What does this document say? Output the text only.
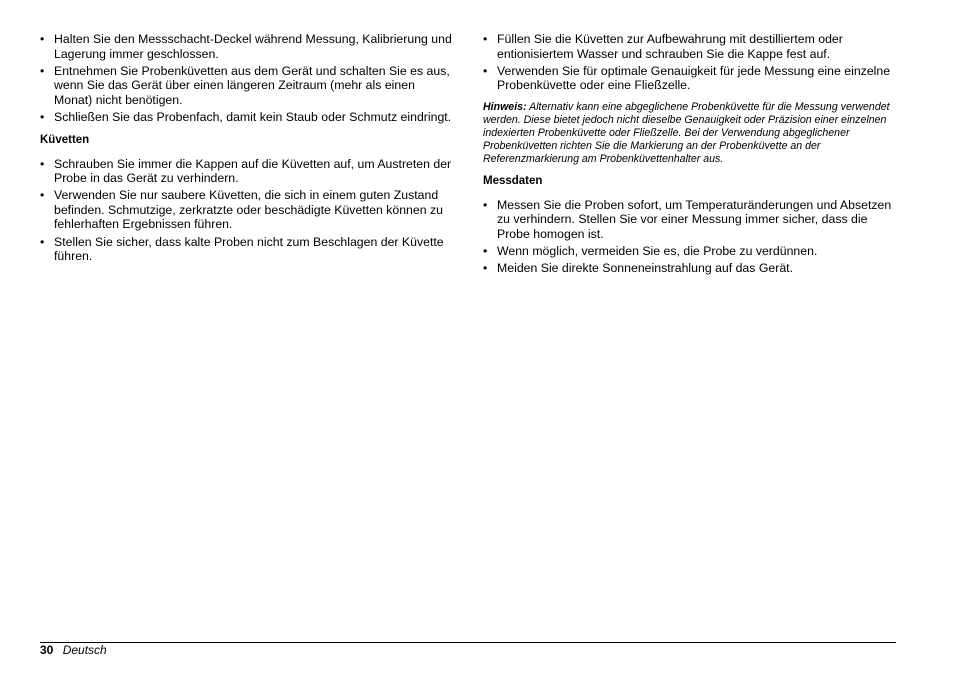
• Halten Sie den Messschacht-Deckel während Messung, Kalibrierung und Lagerung immer geschlossen.
• Entnehmen Sie Probenküvetten aus dem Gerät und schalten Sie es aus, wenn Sie das Gerät über einen längeren Zeitraum (mehr als einen Monat) nicht benötigen.
• Schließen Sie das Probenfach, damit kein Staub oder Schmutz eindringt.
Küvetten
• Schrauben Sie immer die Kappen auf die Küvetten auf, um Austreten der Probe in das Gerät zu verhindern.
• Verwenden Sie nur saubere Küvetten, die sich in einem guten Zustand befinden. Schmutzige, zerkratzte oder beschädigte Küvetten können zu fehlerhaften Ergebnissen führen.
• Stellen Sie sicher, dass kalte Proben nicht zum Beschlagen der Küvette führen.
• Füllen Sie die Küvetten zur Aufbewahrung mit destilliertem oder entionisiertem Wasser und schrauben Sie die Kappe fest auf.
• Verwenden Sie für optimale Genauigkeit für jede Messung eine einzelne Probenküvette oder eine Fließzelle.
Hinweis: Alternativ kann eine abgeglichene Probenküvette für die Messung verwendet werden. Diese bietet jedoch nicht dieselbe Genauigkeit oder Präzision einer einzelnen indexierten Probenküvette oder Fließzelle. Bei der Verwendung abgeglichener Probenküvetten richten Sie die Markierung an der Probenküvette an der Referenzmarkierung am Probenküvettenhalter aus.
Messdaten
• Messen Sie die Proben sofort, um Temperaturänderungen und Absetzen zu verhindern. Stellen Sie vor einer Messung immer sicher, dass die Probe homogen ist.
• Wenn möglich, vermeiden Sie es, die Probe zu verdünnen.
• Meiden Sie direkte Sonneneinstrahlung auf das Gerät.
30 Deutsch
